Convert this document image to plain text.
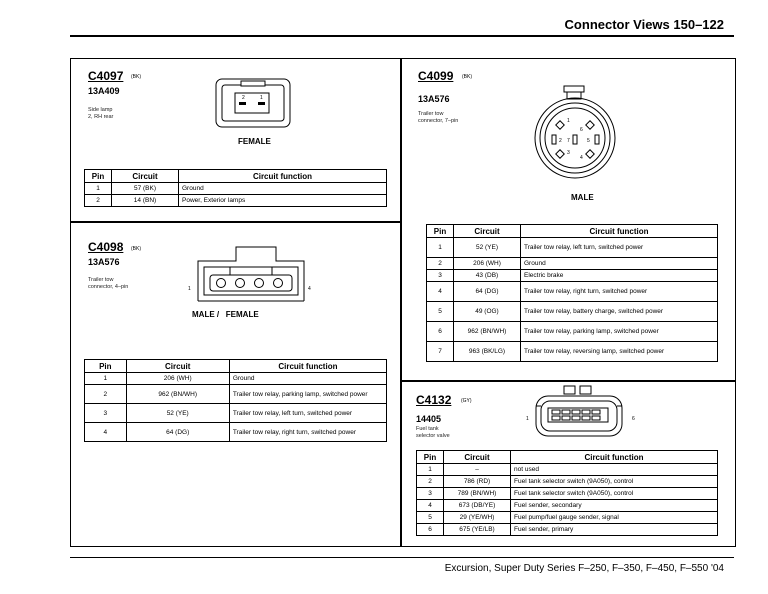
Connector Views 150–122
C4097 (BK)
13A409
Side lamp
2, RH rear
2	1
FEMALE
Pin	Circuit	Circuit function
1	57 (BK)	Ground
2	14 (BN)	Power, Exterior lamps
C4098 (BK)
13A576
Trailer tow
connector, 4–pin	1	4
MALE /   FEMALE
Pin	Circuit	Circuit function
1	206 (WH)	Ground
2	962 (BN/WH)	Trailer tow relay, parking lamp, switched power
3	52 (YE)	Trailer tow relay, left turn, switched power
4	64 (DG)	Trailer tow relay, right turn, switched power
C4099 (BK)
13A576
Trailer tow
connector, 7–pin	1
6
2 7	5
3
4
MALE
Pin	Circuit	Circuit function
1	52 (YE)	Trailer tow relay, left turn, switched power
2	206 (WH)	Ground
3	43 (DB)	Electric brake
4	64 (DG)	Trailer tow relay, right turn, switched power
5	49 (OG)	Trailer tow relay, battery charge, switched power
6	962 (BN/WH)	Trailer tow relay, parking lamp, switched power
7	963 (BK/LG)	Trailer tow relay, reversing lamp, switched power
C4132 (GY)
14405
Fuel tank
selector valve
1	6
Pin	Circuit	Circuit function
1	–	not used
2	786 (RD)	Fuel tank selector switch (9A050), control
3	789 (BN/WH)	Fuel tank selector switch (9A050), control
4	673 (DB/YE)	Fuel sender, secondary
5	29 (YE/WH)	Fuel pump/fuel gauge sender, signal
6	675 (YE/LB)	Fuel sender, primary
Excursion, Super Duty Series F–250, F–350, F–450, F–550 '04
